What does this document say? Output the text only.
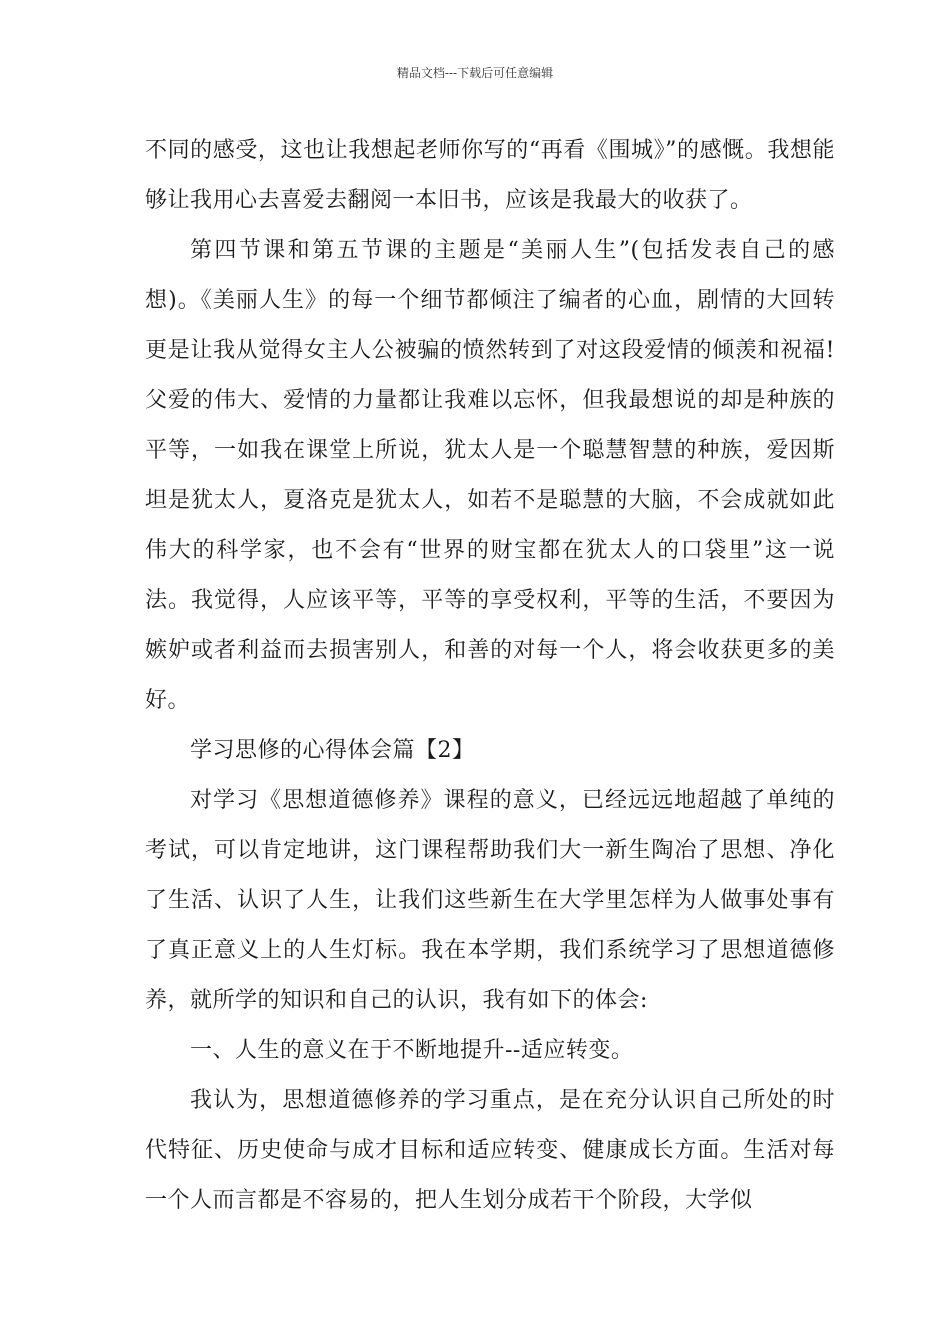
精品文档---下载后可任意编辑

不同的感受，这也让我想起老师你写的“再看《围城》”的感慨。我想能够让我用心去喜爱去翻阅一本旧书，应该是我最大的收获了。

第四节课和第五节课的主题是“美丽人生”(包括发表自己的感想)。《美丽人生》的每一个细节都倾注了编者的心血，剧情的大回转更是让我从觉得女主人公被骗的愤然转到了对这段爱情的倾羡和祝福!父爱的伟大、爱情的力量都让我难以忘怀，但我最想说的却是种族的平等，一如我在课堂上所说，犹太人是一个聪慧智慧的种族，爱因斯坦是犹太人，夏洛克是犹太人，如若不是聪慧的大脑，不会成就如此伟大的科学家，也不会有“世界的财宝都在犹太人的口袋里”这一说法。我觉得，人应该平等，平等的享受权利，平等的生活，不要因为嫉妒或者利益而去损害别人，和善的对每一个人，将会收获更多的美好。

学习思修的心得体会篇【2】

对学习《思想道德修养》课程的意义，已经远远地超越了单纯的考试，可以肯定地讲，这门课程帮助我们大一新生陶冶了思想、净化了生活、认识了人生，让我们这些新生在大学里怎样为人做事处事有了真正意义上的人生灯标。我在本学期，我们系统学习了思想道德修养，就所学的知识和自己的认识，我有如下的体会:

一、人生的意义在于不断地提升--适应转变。

我认为，思想道德修养的学习重点，是在充分认识自己所处的时代特征、历史使命与成才目标和适应转变、健康成长方面。生活对每一个人而言都是不容易的，把人生划分成若干个阶段，大学似
